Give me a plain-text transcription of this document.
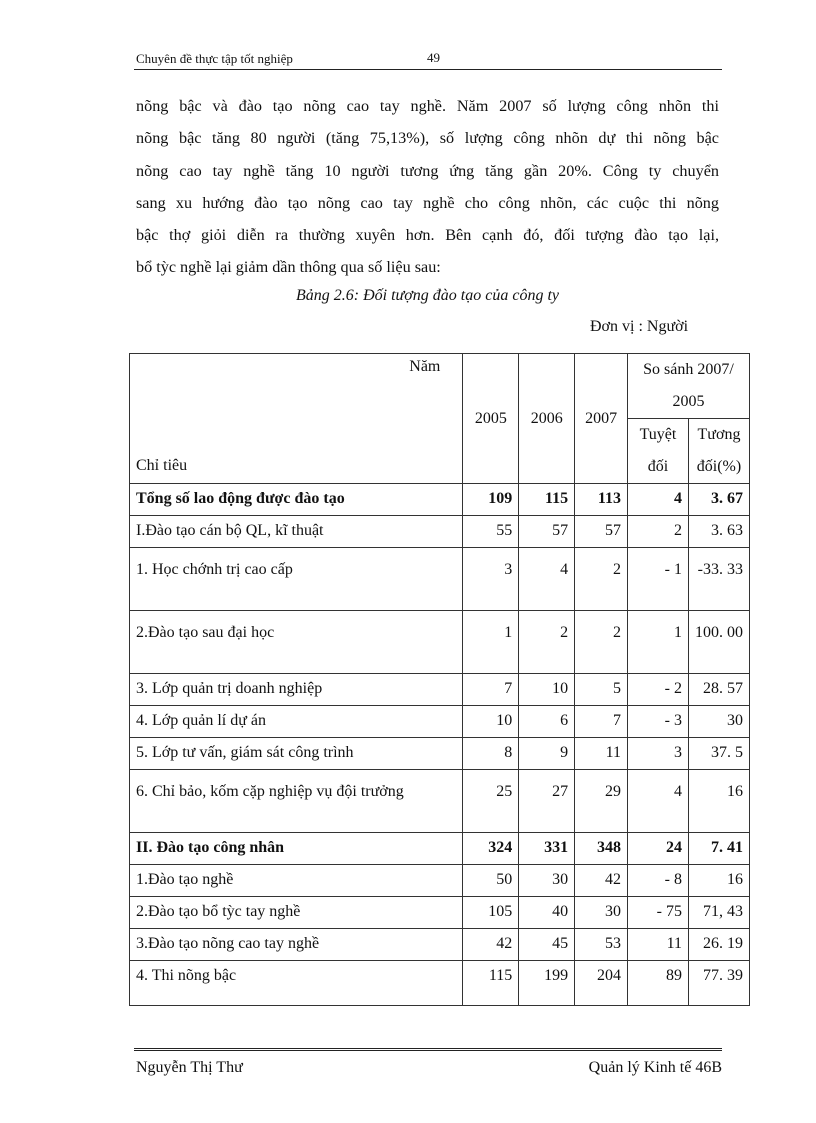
Chuyên đề thực tập tốt nghiệp	49
nõng bậc và đào tạo nõng cao tay nghề. Năm 2007 số lượng công nhõn thi
nõng bậc tăng 80 người (tăng 75,13%), số lượng công nhõn dự thi nõng bậc
nõng cao tay nghề tăng 10 người tương ứng tăng gần 20%. Công ty chuyển
sang xu hướng đào tạo nõng cao tay nghề cho công nhõn, các cuộc thi nõng
bậc thợ giỏi diễn ra thường xuyên hơn. Bên cạnh đó, đối tượng đào tạo lại,
bổ tỳc nghề lại giảm dần thông qua số liệu sau:
Bảng 2.6: Đối tượng đào tạo của công ty
Đơn vị : Người
Năm
Chỉ tiêu	2005	2006	2007	So sánh 2007/ 2005	
				Tuyệt đối	Tương đối(%)
Tổng số lao động được đào tạo	109	115	113	4	3. 67
I.Đào tạo cán bộ QL, kĩ thuật	55	57	57	2	3. 63
1. Học chớnh trị cao cấp	3	4	2	- 1	-33. 33
2.Đào tạo sau đại học	1	2	2	1	100. 00
3. Lớp quản trị doanh nghiệp	7	10	5	- 2	28. 57
4. Lớp quản lí dự án	10	6	7	- 3	30
5. Lớp tư vấn, giám sát công trình	8	9	11	3	37. 5
6. Chỉ bảo, kốm cặp nghiệp vụ đội trưởng	25	27	29	4	16
II. Đào tạo công nhân	324	331	348	24	7. 41
1.Đào tạo nghề	50	30	42	- 8	16
2.Đào tạo bổ tỳc tay nghề	105	40	30	- 75	71, 43
3.Đào tạo nõng cao tay nghề	42	45	53	11	26. 19
4. Thi nõng bậc	115	199	204	89	77. 39
Nguyễn Thị Thư	Quản lý Kinh tế 46B
